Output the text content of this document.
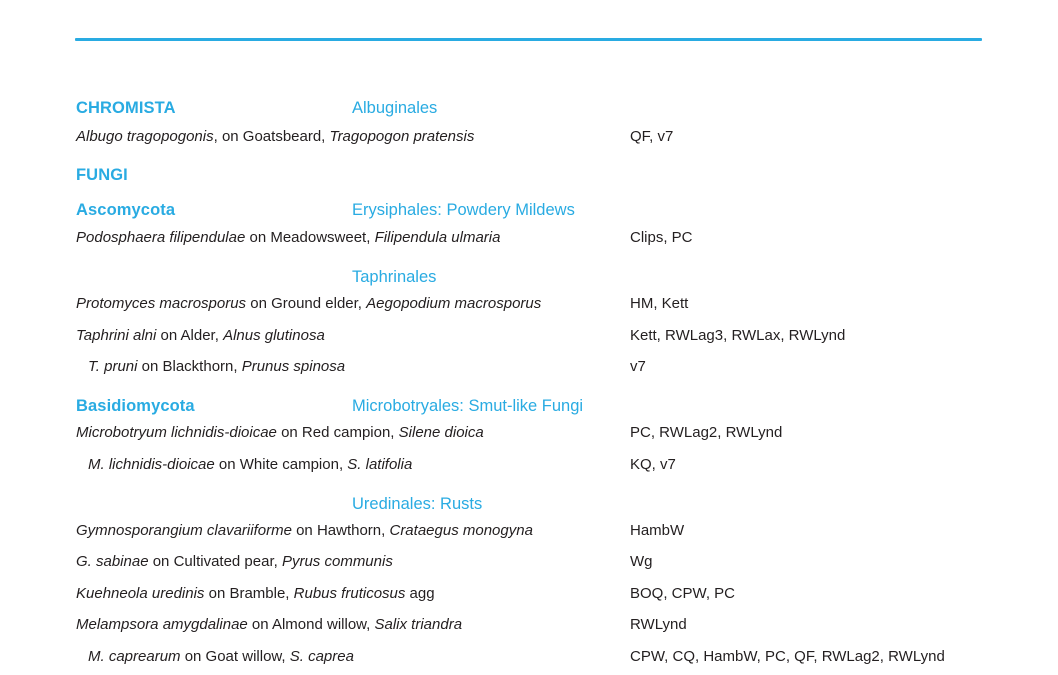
CHROMISTA	Albuginales
Albugo tragopogonis, on Goatsbeard, Tragopogon pratensis	QF, v7
FUNGI
Ascomycota	Erysiphales: Powdery Mildews
Podosphaera filipendulae on Meadowsweet, Filipendula ulmaria	Clips, PC
Taphrinales
Protomyces macrosporus on Ground elder, Aegopodium macrosporus	HM, Kett
Taphrini alni on Alder, Alnus glutinosa	Kett, RWLag3, RWLax, RWLynd
T. pruni on Blackthorn, Prunus spinosa	v7
Basidiomycota	Microbotryales: Smut-like Fungi
Microbotryum lichnidis-dioicae on Red campion, Silene dioica	PC, RWLag2, RWLynd
M. lichnidis-dioicae on White campion, S. latifolia	KQ, v7
Uredinales: Rusts
Gymnosporangium clavariiforme on Hawthorn, Crataegus monogyna	HambW
G. sabinae on Cultivated pear, Pyrus communis	Wg
Kuehneola uredinis on Bramble, Rubus fruticosus agg	BOQ, CPW, PC
Melampsora amygdalinae on Almond willow, Salix triandra	RWLynd
M. caprearum on Goat willow, S. caprea	CPW, CQ, HambW, PC, QF, RWLag2, RWLynd
